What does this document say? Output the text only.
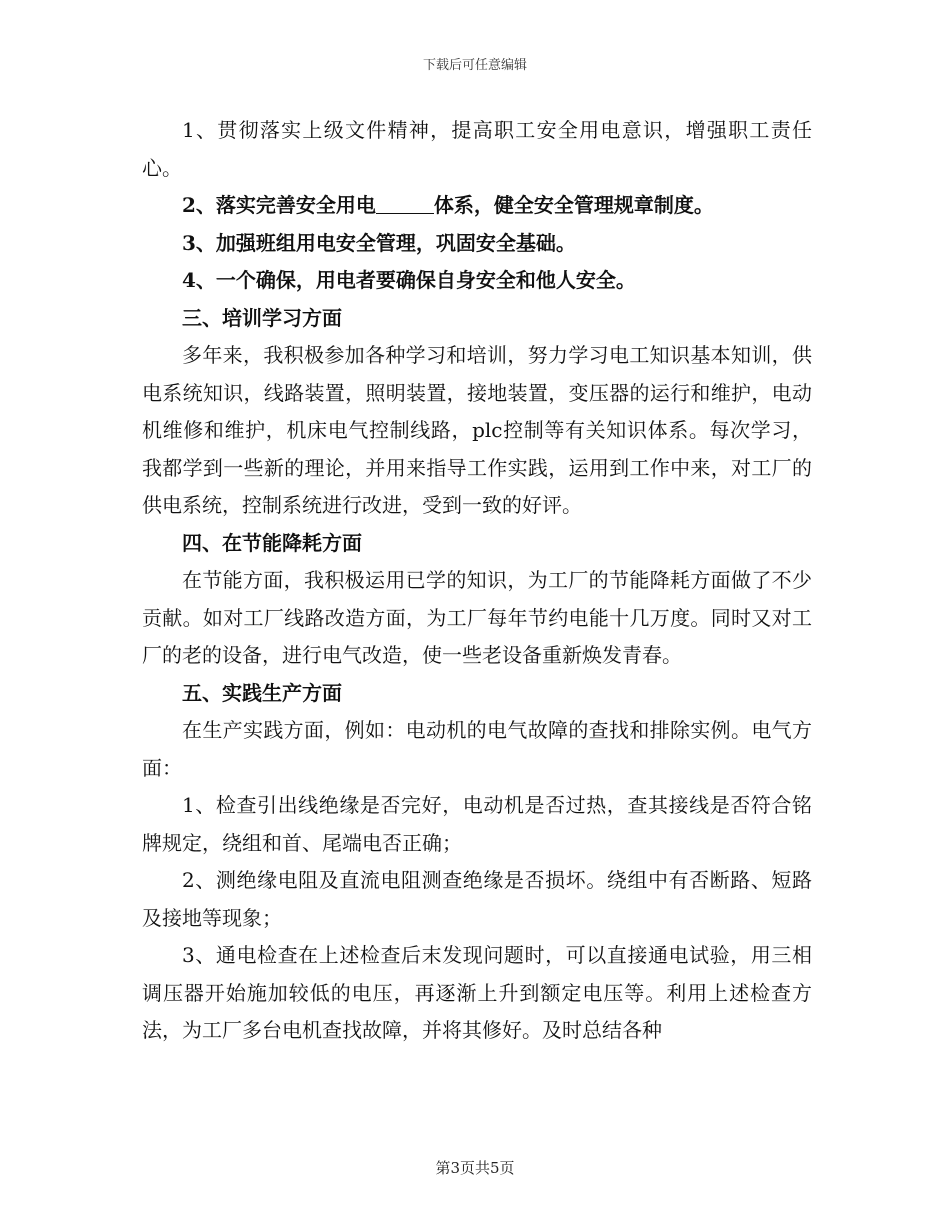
下载后可任意编辑

1、贯彻落实上级文件精神，提高职工安全用电意识，增强职工责任心。

2、落实完善安全用电	体系，健全安全管理规章制度。

3、加强班组用电安全管理，巩固安全基础。

4、一个确保，用电者要确保自身安全和他人安全。

三、培训学习方面

多年来，我积极参加各种学习和培训，努力学习电工知识基本知训，供电系统知识，线路装置，照明装置，接地装置，变压器的运行和维护，电动机维修和维护，机床电气控制线路，plc控制等有关知识体系。每次学习，我都学到一些新的理论，并用来指导工作实践，运用到工作中来，对工厂的供电系统，控制系统进行改进，受到一致的好评。

四、在节能降耗方面

在节能方面，我积极运用已学的知识，为工厂的节能降耗方面做了不少贡献。如对工厂线路改造方面，为工厂每年节约电能十几万度。同时又对工厂的老的设备，进行电气改造，使一些老设备重新焕发青春。

五、实践生产方面

在生产实践方面，例如：电动机的电气故障的查找和排除实例。电气方面：

1、检查引出线绝缘是否完好，电动机是否过热，查其接线是否符合铭牌规定，绕组和首、尾端电否正确；

2、测绝缘电阻及直流电阻测查绝缘是否损坏。绕组中有否断路、短路及接地等现象；

3、通电检查在上述检查后末发现问题时，可以直接通电试验，用三相调压器开始施加较低的电压，再逐渐上升到额定电压等。利用上述检查方法，为工厂多台电机查找故障，并将其修好。及时总结各种

第3页共5页
